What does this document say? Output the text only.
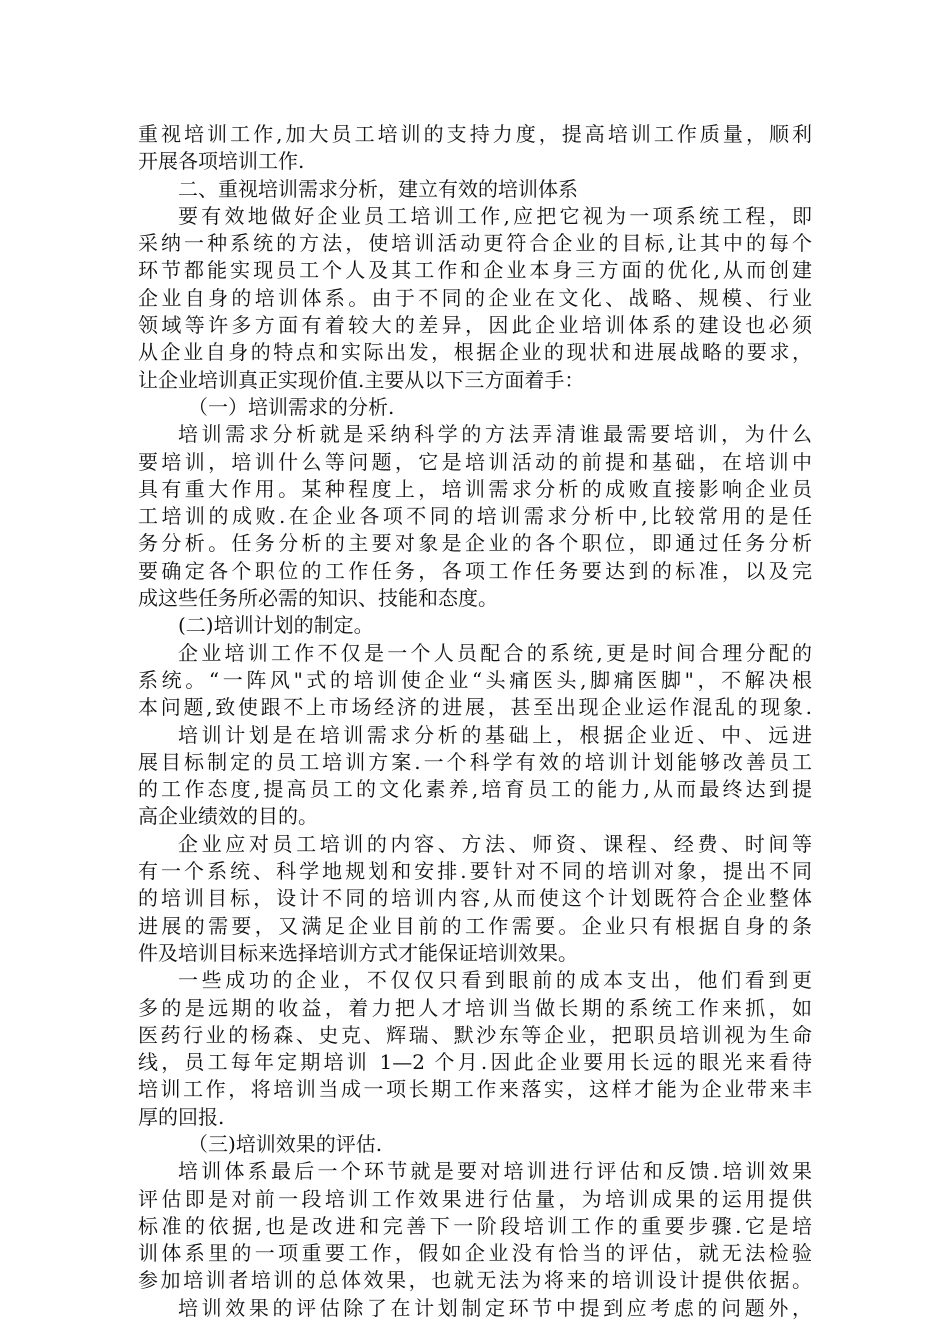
重视培训工作,加大员工培训的支持力度，提高培训工作质量，顺利
开展各项培训工作.
二、重视培训需求分析，建立有效的培训体系
要有效地做好企业员工培训工作,应把它视为一项系统工程，即
采纳一种系统的方法，使培训活动更符合企业的目标,让其中的每个
环节都能实现员工个人及其工作和企业本身三方面的优化,从而创建
企业自身的培训体系。由于不同的企业在文化、战略、规模、行业
领域等许多方面有着较大的差异，因此企业培训体系的建设也必须
从企业自身的特点和实际出发，根据企业的现状和进展战略的要求，
让企业培训真正实现价值.主要从以下三方面着手：
（一）培训需求的分析.
培训需求分析就是采纳科学的方法弄清谁最需要培训，为什么
要培训，培训什么等问题，它是培训活动的前提和基础，在培训中
具有重大作用。某种程度上，培训需求分析的成败直接影响企业员
工培训的成败.在企业各项不同的培训需求分析中,比较常用的是任
务分析。任务分析的主要对象是企业的各个职位，即通过任务分析
要确定各个职位的工作任务，各项工作任务要达到的标准，以及完
成这些任务所必需的知识、技能和态度。
(二)培训计划的制定。
企业培训工作不仅是一个人员配合的系统,更是时间合理分配的
系统。“一阵风"式的培训使企业“头痛医头,脚痛医脚"，不解决根
本问题,致使跟不上市场经济的进展，甚至出现企业运作混乱的现象.
培训计划是在培训需求分析的基础上，根据企业近、中、远进
展目标制定的员工培训方案.一个科学有效的培训计划能够改善员工
的工作态度,提高员工的文化素养,培育员工的能力,从而最终达到提
高企业绩效的目的。
企业应对员工培训的内容、方法、师资、课程、经费、时间等
有一个系统、科学地规划和安排.要针对不同的培训对象，提出不同
的培训目标，设计不同的培训内容,从而使这个计划既符合企业整体
进展的需要，又满足企业目前的工作需要。企业只有根据自身的条
件及培训目标来选择培训方式才能保证培训效果。
一些成功的企业，不仅仅只看到眼前的成本支出，他们看到更
多的是远期的收益，着力把人才培训当做长期的系统工作来抓，如
医药行业的杨森、史克、辉瑞、默沙东等企业，把职员培训视为生命
线，员工每年定期培训 1—2 个月.因此企业要用长远的眼光来看待
培训工作，将培训当成一项长期工作来落实，这样才能为企业带来丰
厚的回报.
（三)培训效果的评估.
培训体系最后一个环节就是要对培训进行评估和反馈.培训效果
评估即是对前一段培训工作效果进行估量，为培训成果的运用提供
标准的依据,也是改进和完善下一阶段培训工作的重要步骤.它是培
训体系里的一项重要工作，假如企业没有恰当的评估，就无法检验
参加培训者培训的总体效果，也就无法为将来的培训设计提供依据。
培训效果的评估除了在计划制定环节中提到应考虑的问题外，
